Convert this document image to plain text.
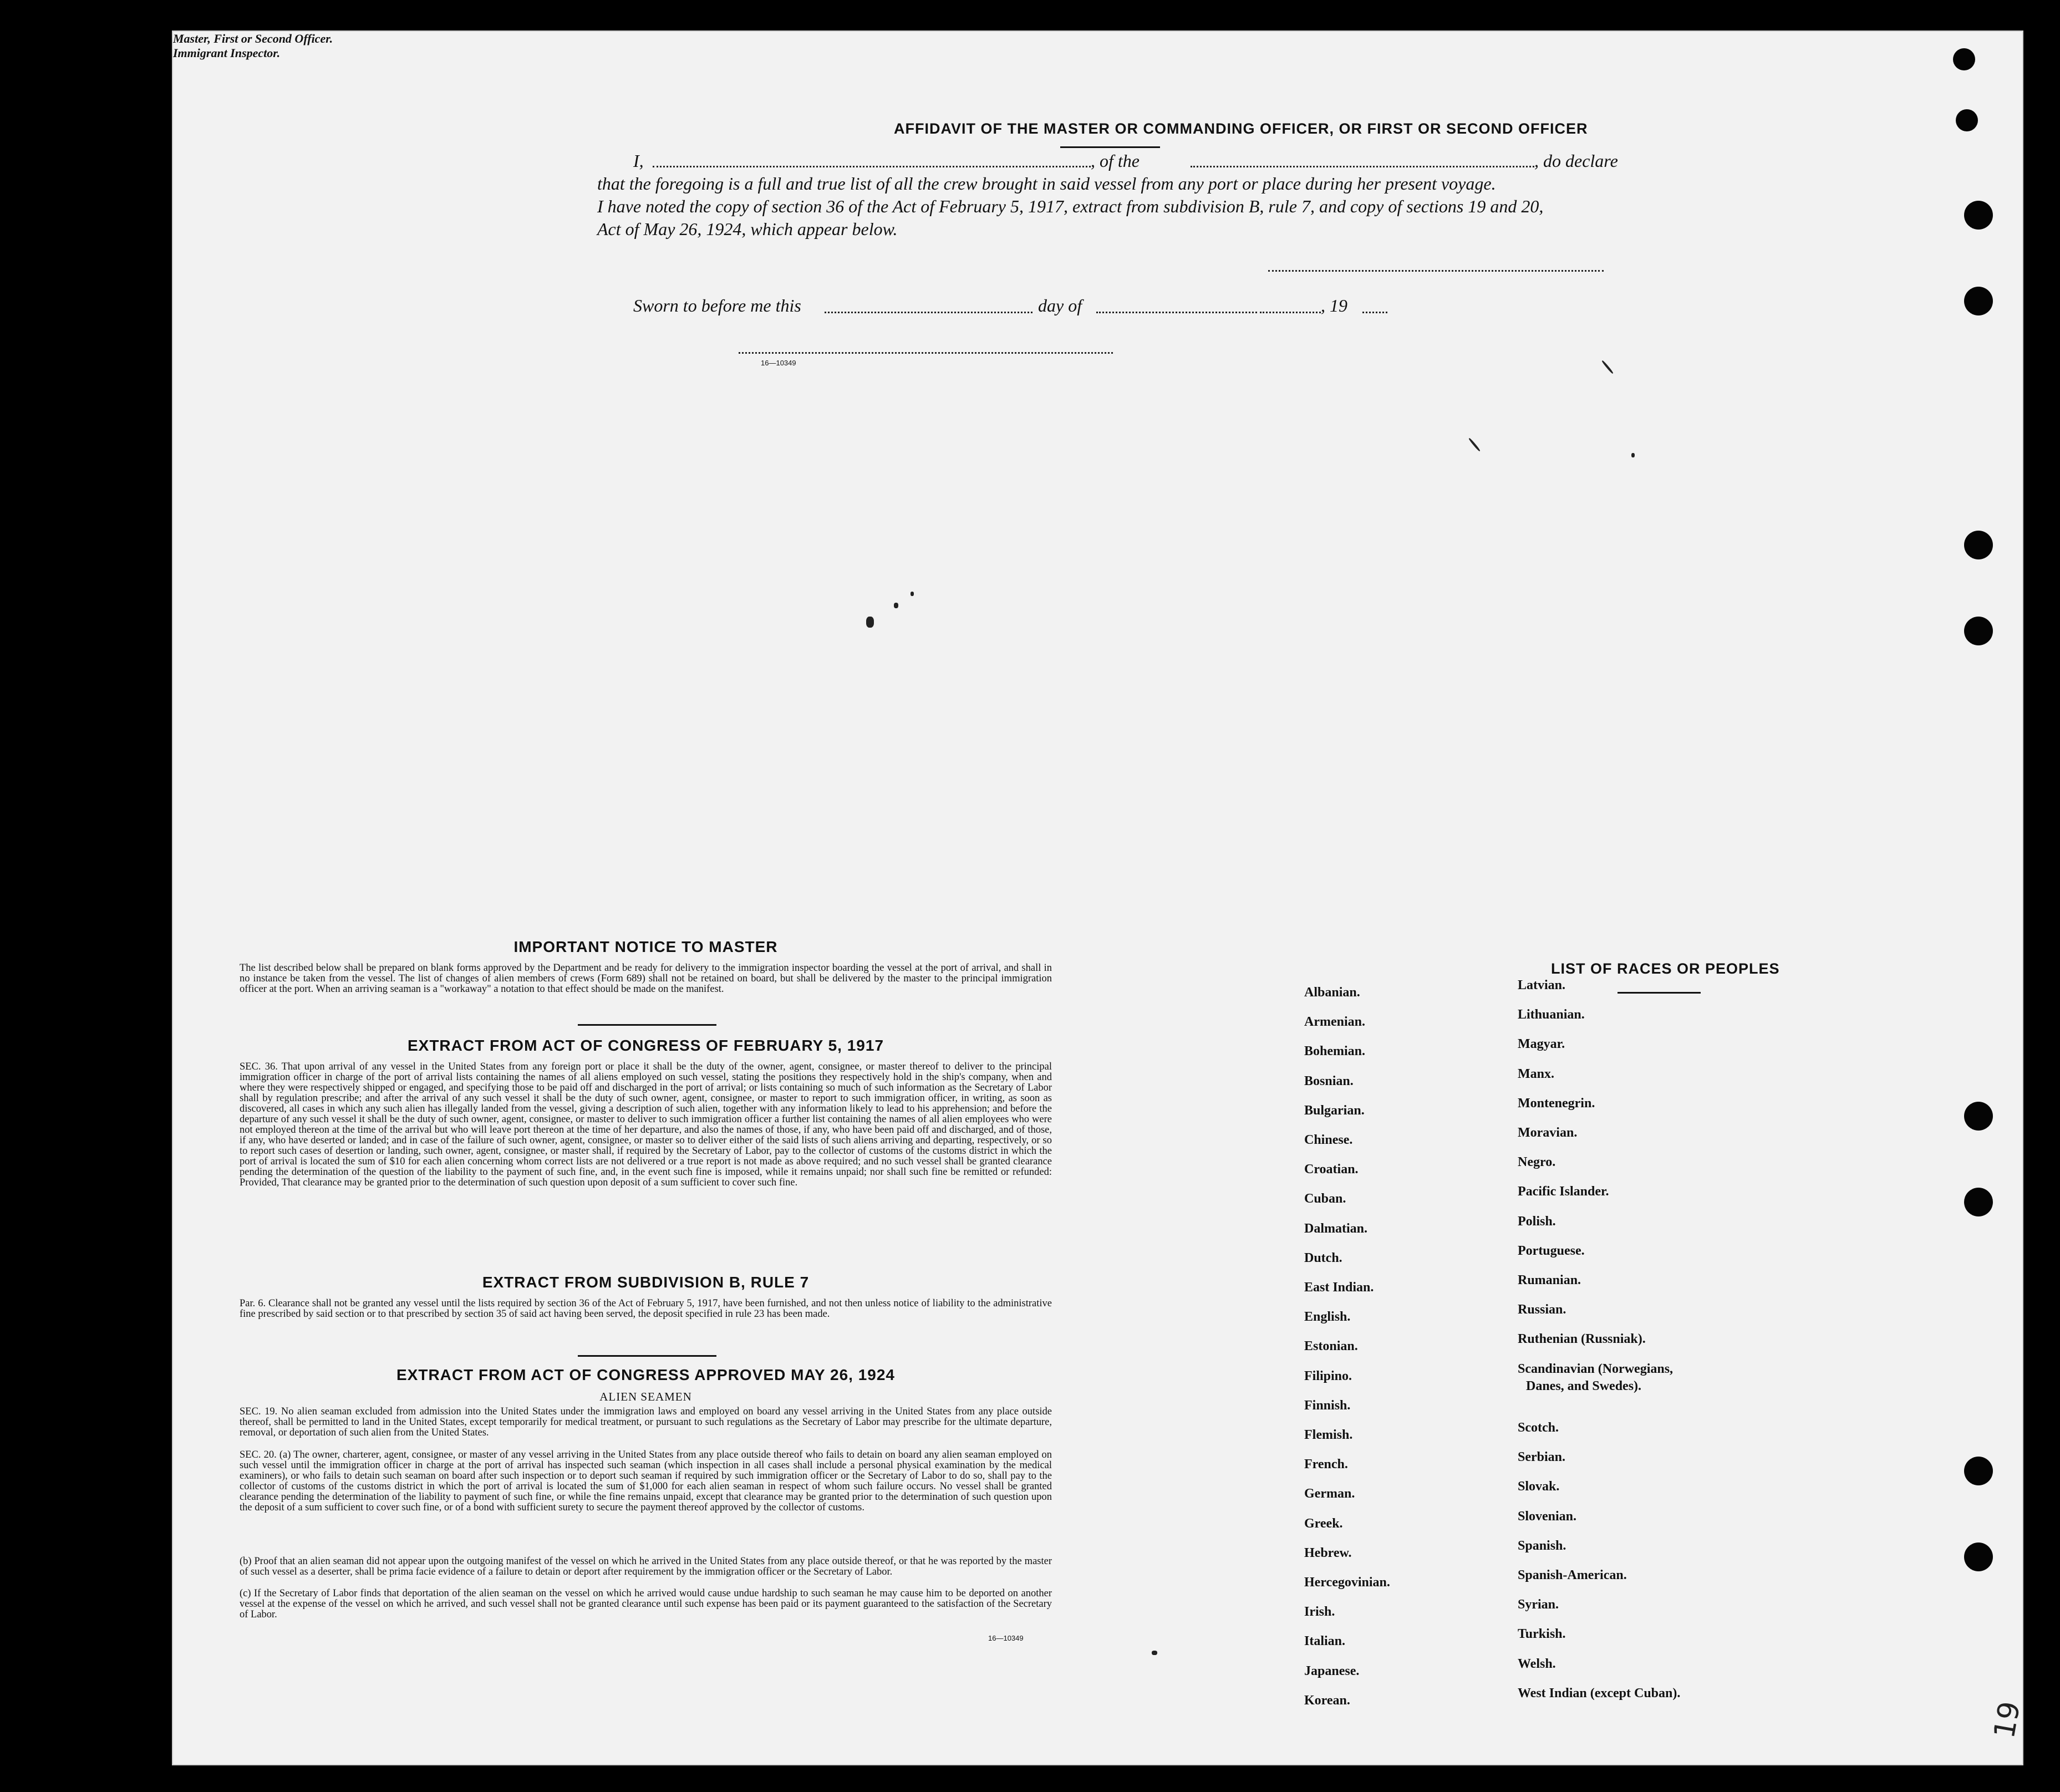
AFFIDAVIT OF THE MASTER OR COMMANDING OFFICER, OR FIRST OR SECOND OFFICER
I,	, of the	, do declare
that the foregoing is a full and true list of all the crew brought in said vessel from any port or place during her present voyage.
I have noted the copy of section 36 of the Act of February 5, 1917, extract from subdivision B, rule 7, and copy of sections 19 and 20,
Act of May 26, 1924, which appear below.
Master, First or Second Officer.
Sworn to before me this	day of	, 19
16—10349
Immigrant Inspector.
IMPORTANT NOTICE TO MASTER
The list described below shall be prepared on blank forms approved by the Department and be ready for delivery to the immigration inspector boarding the vessel at the port of arrival, and shall in no instance be taken from the vessel. The list of changes of alien members of crews (Form 689) shall not be retained on board, but shall be delivered by the master to the principal immigration officer at the port. When an arriving seaman is a "workaway" a notation to that effect should be made on the manifest.
EXTRACT FROM ACT OF CONGRESS OF FEBRUARY 5, 1917
SEC. 36. That upon arrival of any vessel in the United States from any foreign port or place it shall be the duty of the owner, agent, consignee, or master thereof to deliver to the principal immigration officer in charge of the port of arrival lists containing the names of all aliens employed on such vessel, stating the positions they respectively hold in the ship's company, when and where they were respectively shipped or engaged, and specifying those to be paid off and discharged in the port of arrival; or lists containing so much of such information as the Secretary of Labor shall by regulation prescribe; and after the arrival of any such vessel it shall be the duty of such owner, agent, consignee, or master to report to such immigration officer, in writing, as soon as discovered, all cases in which any such alien has illegally landed from the vessel, giving a description of such alien, together with any information likely to lead to his apprehension; and before the departure of any such vessel it shall be the duty of such owner, agent, consignee, or master to deliver to such immigration officer a further list containing the names of all alien employees who were not employed thereon at the time of the arrival but who will leave port thereon at the time of her departure, and also the names of those, if any, who have been paid off and discharged, and of those, if any, who have deserted or landed; and in case of the failure of such owner, agent, consignee, or master so to deliver either of the said lists of such aliens arriving and departing, respectively, or so to report such cases of desertion or landing, such owner, agent, consignee, or master shall, if required by the Secretary of Labor, pay to the collector of customs of the customs district in which the port of arrival is located the sum of $10 for each alien concerning whom correct lists are not delivered or a true report is not made as above required; and no such vessel shall be granted clearance pending the determination of the question of the liability to the payment of such fine, and, in the event such fine is imposed, while it remains unpaid; nor shall such fine be remitted or refunded: Provided, That clearance may be granted prior to the determination of such question upon deposit of a sum sufficient to cover such fine.
EXTRACT FROM SUBDIVISION B, RULE 7
Par. 6. Clearance shall not be granted any vessel until the lists required by section 36 of the Act of February 5, 1917, have been furnished, and not then unless notice of liability to the administrative fine prescribed by said section or to that prescribed by section 35 of said act having been served, the deposit specified in rule 23 has been made.
EXTRACT FROM ACT OF CONGRESS APPROVED MAY 26, 1924
ALIEN SEAMEN
SEC. 19. No alien seaman excluded from admission into the United States under the immigration laws and employed on board any vessel arriving in the United States from any place outside thereof, shall be permitted to land in the United States, except temporarily for medical treatment, or pursuant to such regulations as the Secretary of Labor may prescribe for the ultimate departure, removal, or deportation of such alien from the United States.
SEC. 20. (a) The owner, charterer, agent, consignee, or master of any vessel arriving in the United States from any place outside thereof who fails to detain on board any alien seaman employed on such vessel until the immigration officer in charge at the port of arrival has inspected such seaman (which inspection in all cases shall include a personal physical examination by the medical examiners), or who fails to detain such seaman on board after such inspection or to deport such seaman if required by such immigration officer or the Secretary of Labor to do so, shall pay to the collector of customs of the customs district in which the port of arrival is located the sum of $1,000 for each alien seaman in respect of whom such failure occurs. No vessel shall be granted clearance pending the determination of the liability to payment of such fine, or while the fine remains unpaid, except that clearance may be granted prior to the determination of such question upon the deposit of a sum sufficient to cover such fine, or of a bond with sufficient surety to secure the payment thereof approved by the collector of customs.
(b) Proof that an alien seaman did not appear upon the outgoing manifest of the vessel on which he arrived in the United States from any place outside thereof, or that he was reported by the master of such vessel as a deserter, shall be prima facie evidence of a failure to detain or deport after requirement by the immigration officer or the Secretary of Labor.
(c) If the Secretary of Labor finds that deportation of the alien seaman on the vessel on which he arrived would cause undue hardship to such seaman he may cause him to be deported on another vessel at the expense of the vessel on which he arrived, and such vessel shall not be granted clearance until such expense has been paid or its payment guaranteed to the satisfaction of the Secretary of Labor.
16—10349
LIST OF RACES OR PEOPLES
Albanian.
Armenian.
Bohemian.
Bosnian.
Bulgarian.
Chinese.
Croatian.
Cuban.
Dalmatian.
Dutch.
East Indian.
English.
Estonian.
Filipino.
Finnish.
Flemish.
French.
German.
Greek.
Hebrew.
Hercegovinian.
Irish.
Italian.
Japanese.
Korean.
Latvian.
Lithuanian.
Magyar.
Manx.
Montenegrin.
Moravian.
Negro.
Pacific Islander.
Polish.
Portuguese.
Rumanian.
Russian.
Ruthenian (Russniak).
Scandinavian (Norwegians,
Scotch.
Serbian.
Slovak.
Slovenian.
Spanish.
Spanish-American.
Syrian.
Turkish.
Welsh.
West Indian (except Cuban).
Danes, and Swedes).
19
